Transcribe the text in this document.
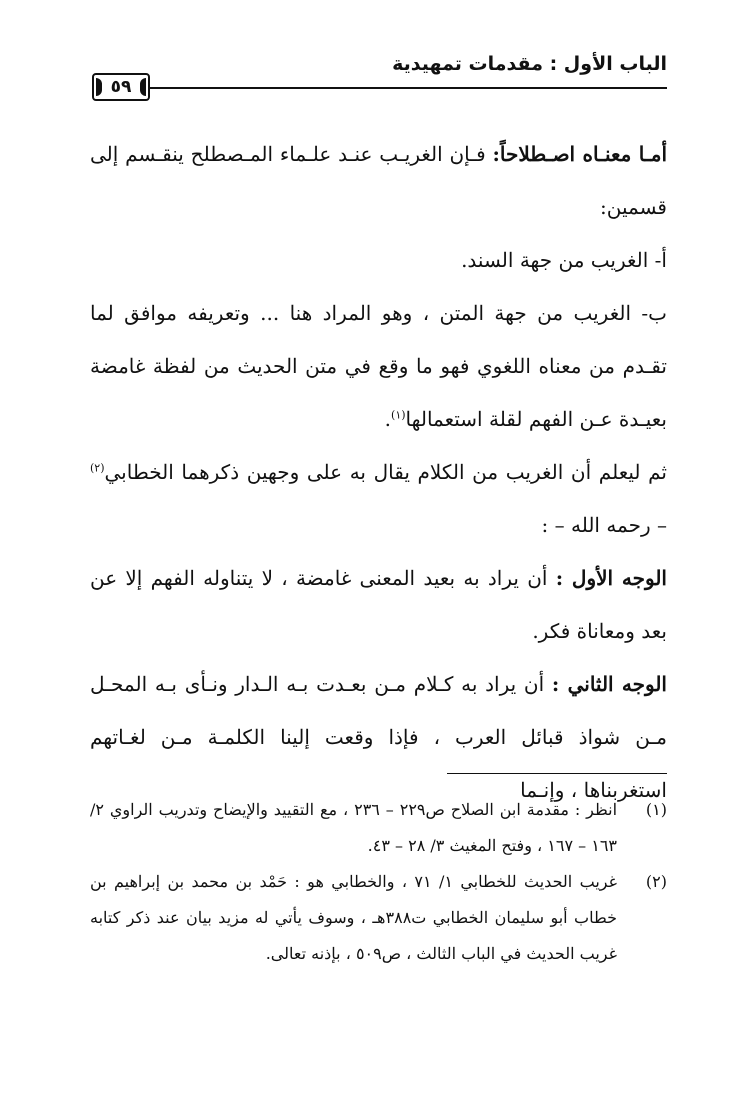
الباب الأول : مقدمات تمهيدية
٥٩

أمـا معنـاه اصـطلاحاً: فـإن الغريـب عنـد علـماء المـصطلح ينقـسم إلى قسمين:

أ- الغريب من جهة السند.

ب- الغريب من جهة المتن ، وهو المراد هنا ... وتعريفه موافق لما تقـدم من معناه اللغوي فهو ما وقع في متن الحديث من لفظة غامضة بعيـدة عـن الفهم لقلة استعمالها$^{(١)}$.

ثم ليعلم أن الغريب من الكلام يقال به على وجهين ذكرهما الخطابي$^{(٢)}$ – رحمه الله – :

الوجه الأول : أن يراد به بعيد المعنى غامضة ، لا يتناوله الفهم إلا عن بعد ومعاناة فكر.

الوجه الثاني : أن يراد به كـلام مـن بعـدت بـه الـدار ونـأى بـه المحـل مـن شواذ قبائل العرب ، فإذا وقعت إلينا الكلمـة مـن لغـاتهم استغربناها ، وإنـما

(١)
انظر : مقدمة ابن الصلاح ص٢٢٩ – ٢٣٦ ، مع التقييد والإيضاح وتدريب الراوي ٢/ ١٦٣ – ١٦٧ ، وفتح المغيث ٣/ ٢٨ – ٤٣.

(٢)
غريب الحديث للخطابي ١/ ٧١ ، والخطابي هو : حَمْد بن محمد بن إبراهيم بن خطاب أبو سليمان الخطابي ت٣٨٨هـ ، وسوف يأتي له مزيد بيان عند ذكر كتابه غريب الحديث في الباب الثالث ، ص٥٠٩ ، بإذنه تعالى.
